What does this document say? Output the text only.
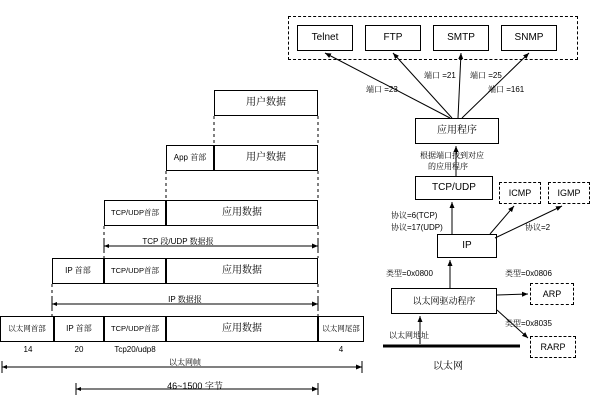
用户数据
App 首部	用户数据
TCP/UDP首部	应用数据
IP 首部	TCP/UDP首部	应用数据
以太网首部	IP 首部	TCP/UDP首部	应用数据	以太网尾部
14	20	Tcp20/udp8	4
TCP 段/UDP 数据报
IP 数据报
以太网帧
46~1500 字节
Telnet	FTP	SMTP	SNMP
端口 =23
端口 =21 端口 =25
端口 =161
应用程序
根据端口找到对应
的应用程序
TCP/UDP	ICMP	IGMP
协议=6(TCP)
协议=17(UDP)	协议=2
IP
类型=0x0800	类型=0x0806
类型=0x8035
以太网驱动程序
ARP
RARP
以太网地址
以太网
